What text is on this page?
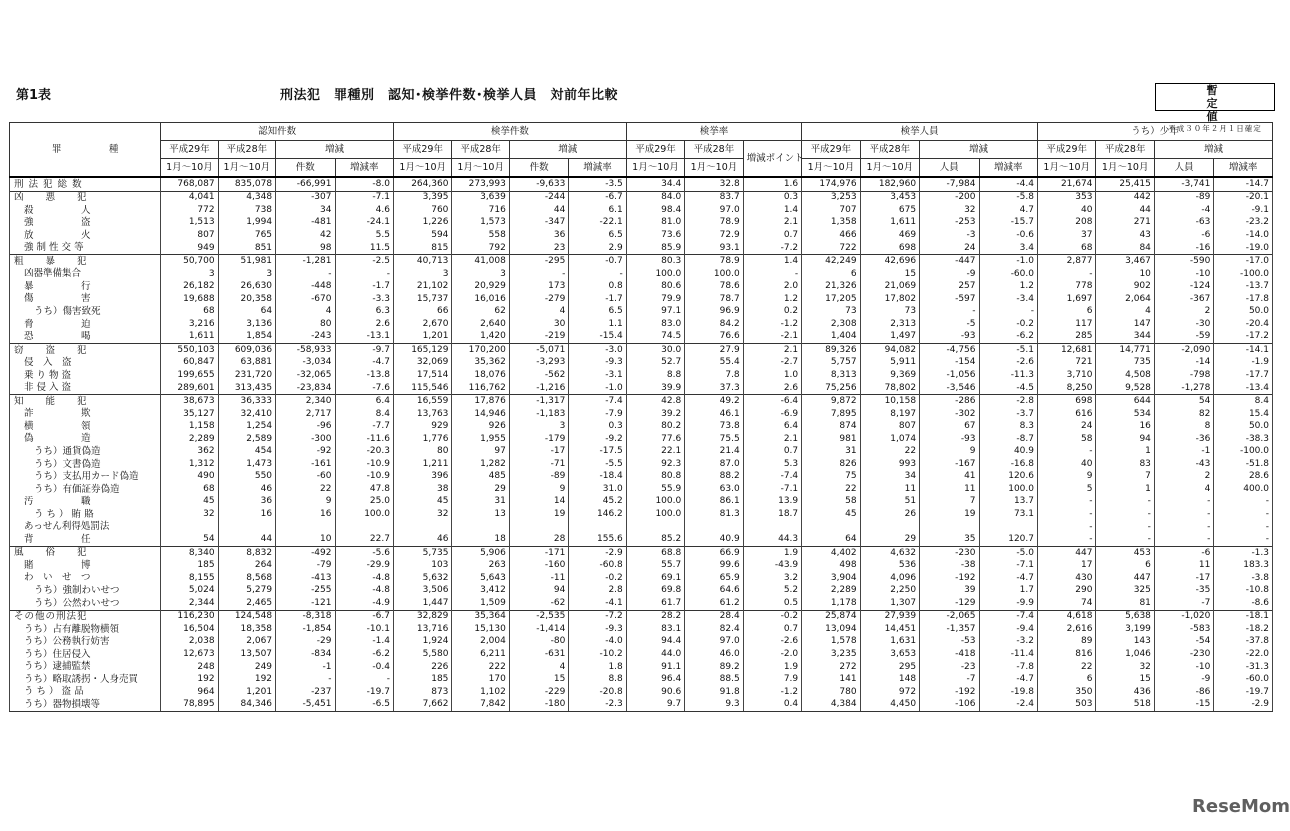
第1表	刑法犯　罪種別　認知･検挙件数･検挙人員　対前年比較	暫 定 値
平成３０年２月１日確定
罪　　　　　種	認知件数				検挙件数				検挙率			検挙人員				うち）少年			
	平成29年	平成28年	増減		平成29年	平成28年	増減		平成29年	平成28年	増減ポイント	平成29年	平成28年	増減		平成29年	平成28年	増減	
	1月～10月	1月～10月	件数	増減率	1月～10月	1月～10月	件数	増減率	1月～10月	1月～10月		1月～10月	1月～10月	人員	増減率	1月～10月	1月～10月	人員	増減率
刑 法 犯 総 数	768,087	835,078	-66,991	-8.0	264,360	273,993	-9,633	-3.5	34.4	32.8	1.6	174,976	182,960	-7,984	-4.4	21,674	25,415	-3,741	-14.7
凶　　悪　　犯	4,041	4,348	-307	-7.1	3,395	3,639	-244	-6.7	84.0	83.7	0.3	3,253	3,453	-200	-5.8	353	442	-89	-20.1
殺　　　　　人	772	738	34	4.6	760	716	44	6.1	98.4	97.0	1.4	707	675	32	4.7	40	44	-4	-9.1
強　　　　　盗	1,513	1,994	-481	-24.1	1,226	1,573	-347	-22.1	81.0	78.9	2.1	1,358	1,611	-253	-15.7	208	271	-63	-23.2
放　　　　　火	807	765	42	5.5	594	558	36	6.5	73.6	72.9	0.7	466	469	-3	-0.6	37	43	-6	-14.0
強 制 性 交 等	949	851	98	11.5	815	792	23	2.9	85.9	93.1	-7.2	722	698	24	3.4	68	84	-16	-19.0
粗　　暴　　犯	50,700	51,981	-1,281	-2.5	40,713	41,008	-295	-0.7	80.3	78.9	1.4	42,249	42,696	-447	-1.0	2,877	3,467	-590	-17.0
凶器準備集合	3	3	-	-	3	3	-	-	100.0	100.0	-	6	15	-9	-60.0	-	10	-10	-100.0
暴　　　　　行	26,182	26,630	-448	-1.7	21,102	20,929	173	0.8	80.6	78.6	2.0	21,326	21,069	257	1.2	778	902	-124	-13.7
傷　　　　　害	19,688	20,358	-670	-3.3	15,737	16,016	-279	-1.7	79.9	78.7	1.2	17,205	17,802	-597	-3.4	1,697	2,064	-367	-17.8
うち）傷害致死	68	64	4	6.3	66	62	4	6.5	97.1	96.9	0.2	73	73	-	-	6	4	2	50.0
脅　　　　　迫	3,216	3,136	80	2.6	2,670	2,640	30	1.1	83.0	84.2	-1.2	2,308	2,313	-5	-0.2	117	147	-30	-20.4
恐　　　　　喝	1,611	1,854	-243	-13.1	1,201	1,420	-219	-15.4	74.5	76.6	-2.1	1,404	1,497	-93	-6.2	285	344	-59	-17.2
窃　　盗　　犯	550,103	609,036	-58,933	-9.7	165,129	170,200	-5,071	-3.0	30.0	27.9	2.1	89,326	94,082	-4,756	-5.1	12,681	14,771	-2,090	-14.1
侵　入　盗	60,847	63,881	-3,034	-4.7	32,069	35,362	-3,293	-9.3	52.7	55.4	-2.7	5,757	5,911	-154	-2.6	721	735	-14	-1.9
乗 り 物 盗	199,655	231,720	-32,065	-13.8	17,514	18,076	-562	-3.1	8.8	7.8	1.0	8,313	9,369	-1,056	-11.3	3,710	4,508	-798	-17.7
非 侵 入 盗	289,601	313,435	-23,834	-7.6	115,546	116,762	-1,216	-1.0	39.9	37.3	2.6	75,256	78,802	-3,546	-4.5	8,250	9,528	-1,278	-13.4
知　　能　　犯	38,673	36,333	2,340	6.4	16,559	17,876	-1,317	-7.4	42.8	49.2	-6.4	9,872	10,158	-286	-2.8	698	644	54	8.4
詐　　　　　欺	35,127	32,410	2,717	8.4	13,763	14,946	-1,183	-7.9	39.2	46.1	-6.9	7,895	8,197	-302	-3.7	616	534	82	15.4
横　　　　　領	1,158	1,254	-96	-7.7	929	926	3	0.3	80.2	73.8	6.4	874	807	67	8.3	24	16	8	50.0
偽　　　　　造	2,289	2,589	-300	-11.6	1,776	1,955	-179	-9.2	77.6	75.5	2.1	981	1,074	-93	-8.7	58	94	-36	-38.3
うち）通貨偽造	362	454	-92	-20.3	80	97	-17	-17.5	22.1	21.4	0.7	31	22	9	40.9	-	1	-1	-100.0
うち）文書偽造	1,312	1,473	-161	-10.9	1,211	1,282	-71	-5.5	92.3	87.0	5.3	826	993	-167	-16.8	40	83	-43	-51.8
うち）支払用カード偽造	490	550	-60	-10.9	396	485	-89	-18.4	80.8	88.2	-7.4	75	34	41	120.6	9	7	2	28.6
うち）有価証券偽造	68	46	22	47.8	38	29	9	31.0	55.9	63.0	-7.1	22	11	11	100.0	5	1	4	400.0
汚　　　　　職	45	36	9	25.0	45	31	14	45.2	100.0	86.1	13.9	58	51	7	13.7	-	-	-	-
う ち ） 賄 賂	32	16	16	100.0	32	13	19	146.2	100.0	81.3	18.7	45	26	19	73.1	-	-	-	-
あっせん利得処罰法																-	-	-	-
背　　　　　任	54	44	10	22.7	46	18	28	155.6	85.2	40.9	44.3	64	29	35	120.7	-	-	-	-
風　　俗　　犯	8,340	8,832	-492	-5.6	5,735	5,906	-171	-2.9	68.8	66.9	1.9	4,402	4,632	-230	-5.0	447	453	-6	-1.3
賭　　　　　博	185	264	-79	-29.9	103	263	-160	-60.8	55.7	99.6	-43.9	498	536	-38	-7.1	17	6	11	183.3
わ　い　せ　つ	8,155	8,568	-413	-4.8	5,632	5,643	-11	-0.2	69.1	65.9	3.2	3,904	4,096	-192	-4.7	430	447	-17	-3.8
うち）強制わいせつ	5,024	5,279	-255	-4.8	3,506	3,412	94	2.8	69.8	64.6	5.2	2,289	2,250	39	1.7	290	325	-35	-10.8
うち）公然わいせつ	2,344	2,465	-121	-4.9	1,447	1,509	-62	-4.1	61.7	61.2	0.5	1,178	1,307	-129	-9.9	74	81	-7	-8.6
その他の刑法犯	116,230	124,548	-8,318	-6.7	32,829	35,364	-2,535	-7.2	28.2	28.4	-0.2	25,874	27,939	-2,065	-7.4	4,618	5,638	-1,020	-18.1
うち）占有離脱物横領	16,504	18,358	-1,854	-10.1	13,716	15,130	-1,414	-9.3	83.1	82.4	0.7	13,094	14,451	-1,357	-9.4	2,616	3,199	-583	-18.2
うち）公務執行妨害	2,038	2,067	-29	-1.4	1,924	2,004	-80	-4.0	94.4	97.0	-2.6	1,578	1,631	-53	-3.2	89	143	-54	-37.8
うち）住居侵入	12,673	13,507	-834	-6.2	5,580	6,211	-631	-10.2	44.0	46.0	-2.0	3,235	3,653	-418	-11.4	816	1,046	-230	-22.0
うち）逮捕監禁	248	249	-1	-0.4	226	222	4	1.8	91.1	89.2	1.9	272	295	-23	-7.8	22	32	-10	-31.3
うち）略取誘拐・人身売買	192	192	-	-	185	170	15	8.8	96.4	88.5	7.9	141	148	-7	-4.7	6	15	-9	-60.0
う ち ） 盗 品	964	1,201	-237	-19.7	873	1,102	-229	-20.8	90.6	91.8	-1.2	780	972	-192	-19.8	350	436	-86	-19.7
うち）器物損壊等	78,895	84,346	-5,451	-6.5	7,662	7,842	-180	-2.3	9.7	9.3	0.4	4,384	4,450	-106	-2.4	503	518	-15	-2.9
ReseMom
